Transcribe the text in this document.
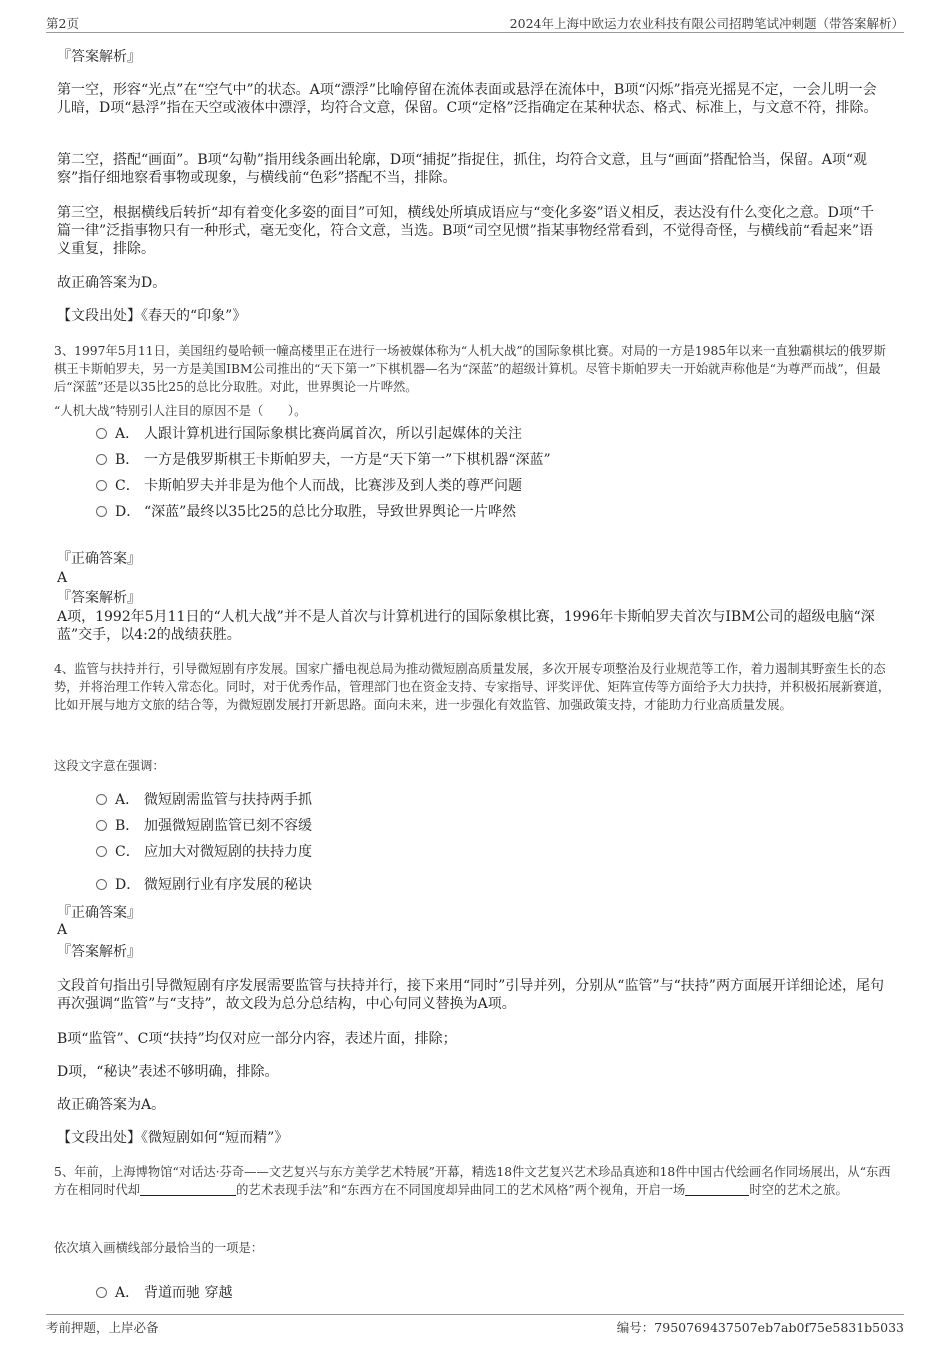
第2页	2024年上海中欧运力农业科技有限公司招聘笔试冲刺题（带答案解析）
『答案解析』
第一空，形容“光点”在“空气中”的状态。A项“漂浮”比喻停留在流体表面或悬浮在流体中，B项“闪烁”指亮光摇晃不定，一会儿明一会儿暗，D项“悬浮”指在天空或液体中漂浮，均符合文意，保留。C项“定格”泛指确定在某种状态、格式、标准上，与文意不符，排除。
第二空，搭配“画面”。B项“勾勒”指用线条画出轮廓，D项“捕捉”指捉住，抓住，均符合文意，且与“画面”搭配恰当，保留。A项“观察”指仔细地察看事物或现象，与横线前“色彩”搭配不当，排除。
第三空，根据横线后转折“却有着变化多姿的面目”可知，横线处所填成语应与“变化多姿”语义相反，表达没有什么变化之意。D项“千篇一律”泛指事物只有一种形式，毫无变化，符合文意，当选。B项“司空见惯”指某事物经常看到，不觉得奇怪，与横线前“看起来”语义重复，排除。
故正确答案为D。
【文段出处】《春天的“印象”》
3、1997年5月11日，美国纽约曼哈顿一幢高楼里正在进行一场被媒体称为“人机大战”的国际象棋比赛。对局的一方是1985年以来一直独霸棋坛的俄罗斯棋王卡斯帕罗夫，另一方是美国IBM公司推出的“天下第一”下棋机器—名为“深蓝”的超级计算机。尽管卡斯帕罗夫一开始就声称他是“为尊严而战”，但最后“深蓝”还是以35比25的总比分取胜。对此，世界舆论一片哗然。
“人机大战”特别引人注目的原因不是（　　）。
A． 人跟计算机进行国际象棋比赛尚属首次，所以引起媒体的关注
B． 一方是俄罗斯棋王卡斯帕罗夫，一方是“天下第一”下棋机器“深蓝”
C． 卡斯帕罗夫并非是为他个人而战，比赛涉及到人类的尊严问题
D． “深蓝”最终以35比25的总比分取胜，导致世界舆论一片哗然
『正确答案』
A
『答案解析』
A项，1992年5月11日的“人机大战”并不是人首次与计算机进行的国际象棋比赛，1996年卡斯帕罗夫首次与IBM公司的超级电脑“深蓝”交手，以4:2的战绩获胜。
4、监管与扶持并行，引导微短剧有序发展。国家广播电视总局为推动微短剧高质量发展，多次开展专项整治及行业规范等工作，着力遏制其野蛮生长的态势，并将治理工作转入常态化。同时，对于优秀作品，管理部门也在资金支持、专家指导、评奖评优、矩阵宣传等方面给予大力扶持，并积极拓展新赛道，比如开展与地方文旅的结合等，为微短剧发展打开新思路。面向未来，进一步强化有效监管、加强政策支持，才能助力行业高质量发展。
这段文字意在强调：
A． 微短剧需监管与扶持两手抓
B． 加强微短剧监管已刻不容缓
C． 应加大对微短剧的扶持力度
D． 微短剧行业有序发展的秘诀
『正确答案』
A
『答案解析』
文段首句指出引导微短剧有序发展需要监管与扶持并行，接下来用“同时”引导并列，分别从“监管”与“扶持”两方面展开详细论述，尾句再次强调“监管”与“支持”，故文段为总分总结构，中心句同义替换为A项。
B项“监管”、C项“扶持”均仅对应一部分内容，表述片面，排除；
D项，“秘诀”表述不够明确，排除。
故正确答案为A。
【文段出处】《微短剧如何“短而精”》
5、年前，上海博物馆“对话达·芬奇——文艺复兴与东方美学艺术特展”开幕，精选18件文艺复兴艺术珍品真迹和18件中国古代绘画名作同场展出，从“东西方在相同时代却	的艺术表现手法”和“东西方在不同国度却异曲同工的艺术风格”两个视角，开启一场	时空的艺术之旅。
依次填入画横线部分最恰当的一项是：
A． 背道而驰 穿越
考前押题，上岸必备	编号：7950769437507eb7ab0f75e5831b5033
